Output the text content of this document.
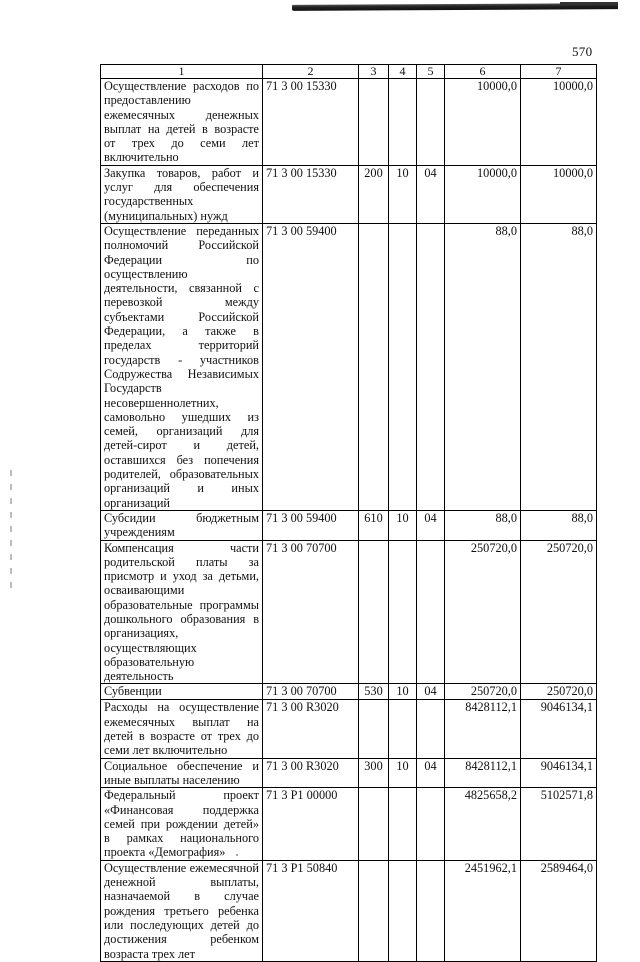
570
1	2	3	4	5	6	7
Осуществление расходов по предоставлению ежемесячных денежных выплат на детей в возрасте от трех до семи лет включительно	71 3 00 15330				10000,0	10000,0
Закупка товаров, работ и услуг для обеспечения государственных (муниципальных) нужд	71 3 00 15330	200	10	04	10000,0	10000,0
Осуществление переданных полномочий Российской Федерации по осуществлению деятельности, связанной с перевозкой между субъектами Российской Федерации, а также в пределах территорий государств - участников Содружества Независимых Государств несовершеннолетних, самовольно ушедших из семей, организаций для детей-сирот и детей, оставшихся без попечения родителей, образовательных организаций и иных организаций	71 3 00 59400				88,0	88,0
Субсидии бюджетным учреждениям	71 3 00 59400	610	10	04	88,0	88,0
Компенсация части родительской платы за присмотр и уход за детьми, осваивающими образовательные программы дошкольного образования в организациях, осуществляющих образовательную деятельность	71 3 00 70700				250720,0	250720,0
Субвенции	71 3 00 70700	530	10	04	250720,0	250720,0
Расходы на осуществление ежемесячных выплат на детей в возрасте от трех до семи лет включительно	71 3 00 R3020				8428112,1	9046134,1
Социальное обеспечение и иные выплаты населению	71 3 00 R3020	300	10	04	8428112,1	9046134,1
Федеральный проект «Финансовая поддержка семей при рождении детей» в рамках национального проекта «Демография»	71 3 P1 00000				4825658,2	5102571,8
Осуществление ежемесячной денежной выплаты, назначаемой в случае рождения третьего ребенка или последующих детей до достижения ребенком возраста трех лет	71 3 P1 50840				2451962,1	2589464,0
